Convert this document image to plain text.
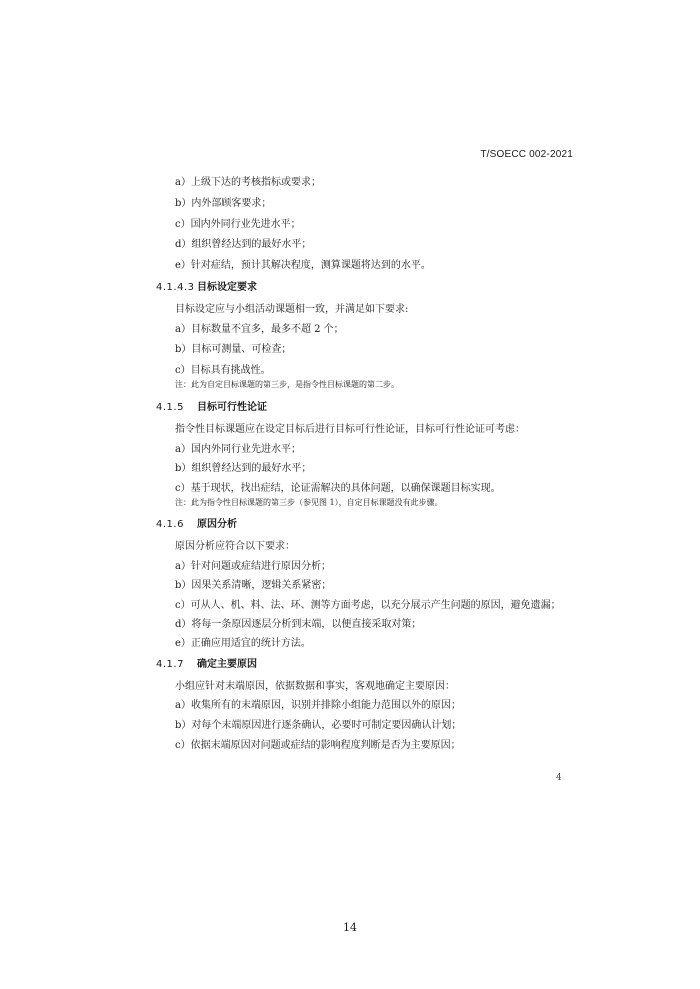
T/SOECC 002-2021
a）上级下达的考核指标或要求；
b）内外部顾客要求；
c）国内外同行业先进水平；
d）组织曾经达到的最好水平；
e）针对症结，预计其解决程度，测算课题将达到的水平。
4.1.4.3 目标设定要求
目标设定应与小组活动课题相一致，并满足如下要求:
a）目标数量不宜多，最多不超 2 个；
b）目标可测量、可检查；
c）目标具有挑战性。
注：此为自定目标课题的第三步，是指令性目标课题的第二步。
4.1.5 目标可行性论证
指令性目标课题应在设定目标后进行目标可行性论证，目标可行性论证可考虑：
a）国内外同行业先进水平；
b）组织曾经达到的最好水平；
c）基于现状，找出症结，论证需解决的具体问题，以确保课题目标实现。
注：此为指令性目标课题的第三步（参见图 1），自定目标课题没有此步骤。
4.1.6 原因分析
原因分析应符合以下要求：
a）针对问题或症结进行原因分析；
b）因果关系清晰，逻辑关系紧密；
c）可从人、机、料、法、环、测等方面考虑，以充分展示产生问题的原因，避免遗漏；
d）将每一条原因逐层分析到末端，以便直接采取对策；
e）正确应用适宜的统计方法。
4.1.7 确定主要原因
小组应针对末端原因，依据数据和事实，客观地确定主要原因：
a）收集所有的末端原因，识别并排除小组能力范围以外的原因；
b）对每个末端原因进行逐条确认，必要时可制定要因确认计划；
c）依据末端原因对问题或症结的影响程度判断是否为主要原因；
4
14
